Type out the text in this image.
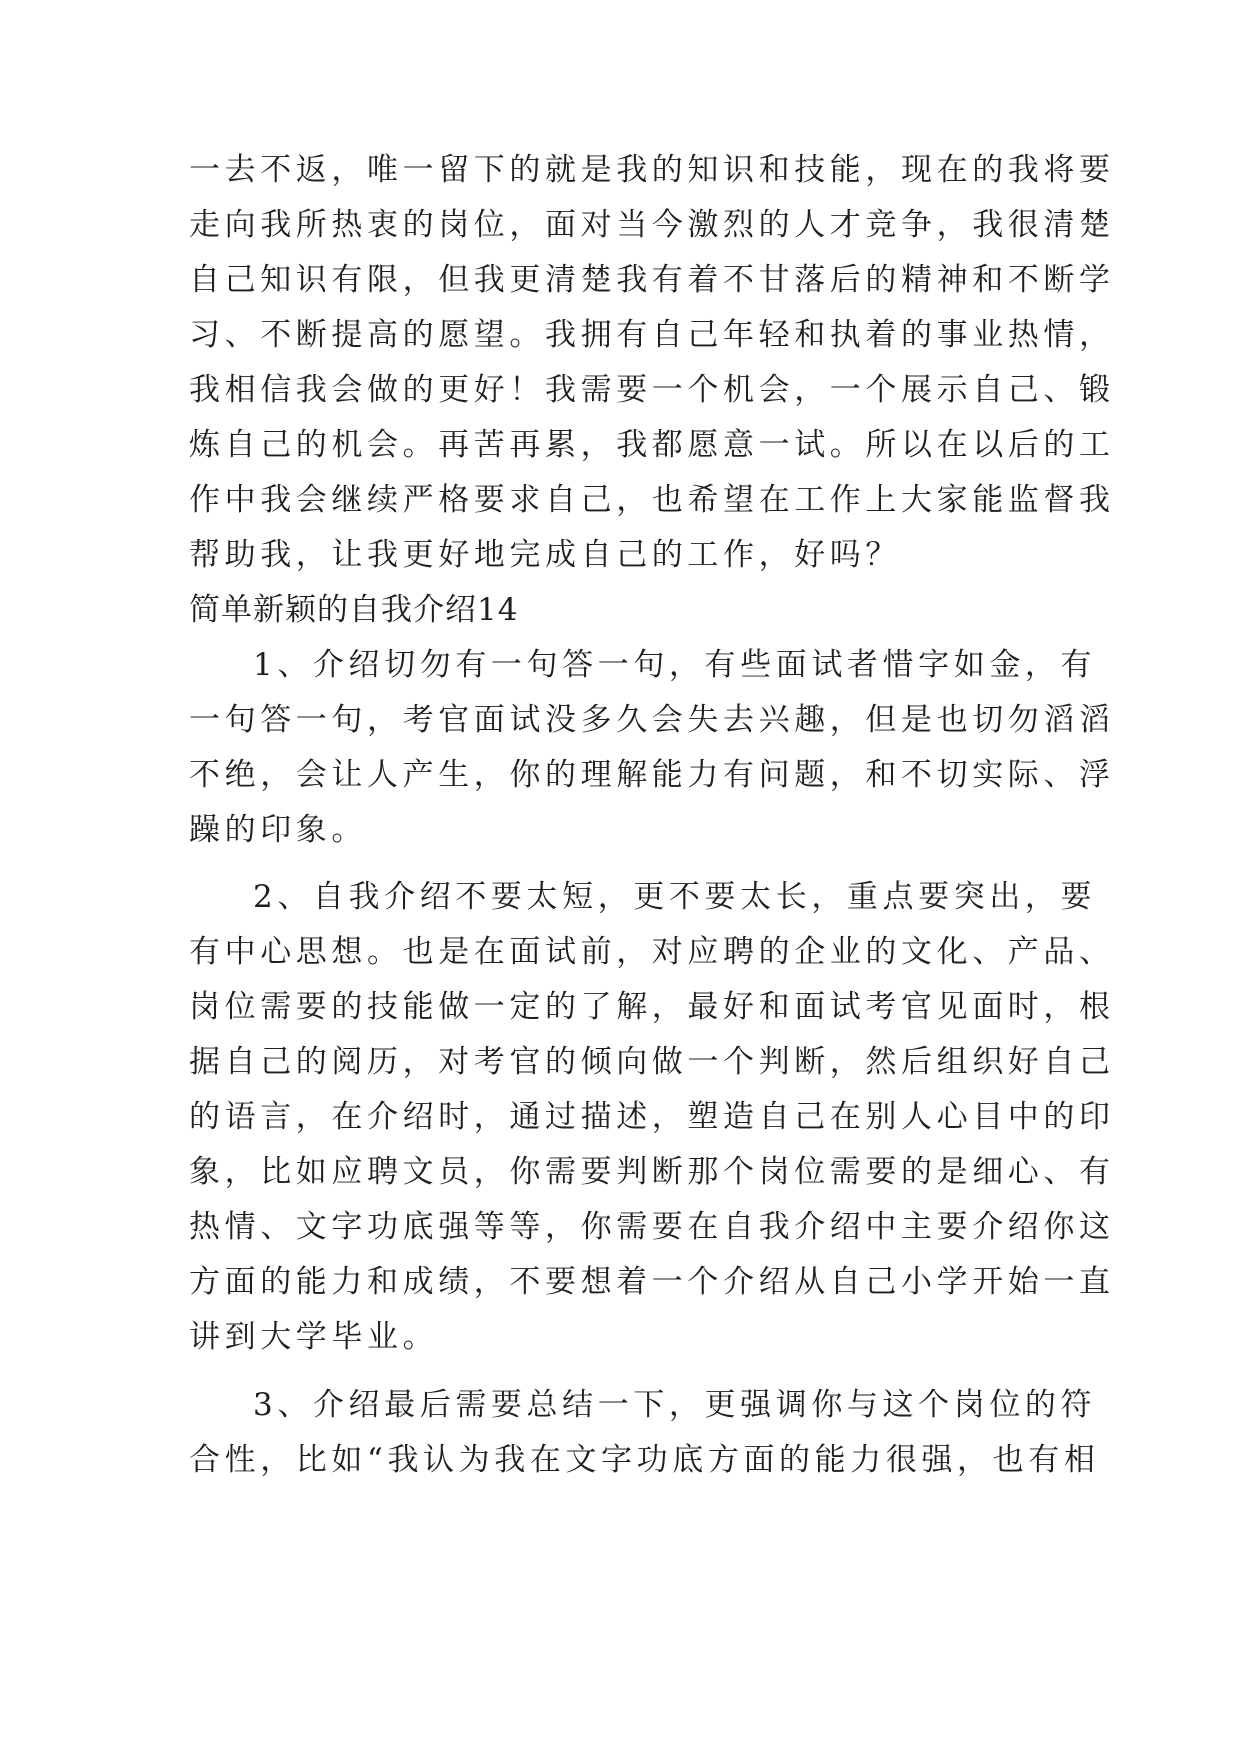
一去不返，唯一留下的就是我的知识和技能，现在的我将要
走向我所热衷的岗位，面对当今激烈的人才竞争，我很清楚
自己知识有限，但我更清楚我有着不甘落后的精神和不断学
习、不断提高的愿望。我拥有自己年轻和执着的事业热情，
我相信我会做的更好！我需要一个机会，一个展示自己、锻
炼自己的机会。再苦再累，我都愿意一试。所以在以后的工
作中我会继续严格要求自己，也希望在工作上大家能监督我
帮助我，让我更好地完成自己的工作，好吗？
简单新颖的自我介绍14
1、介绍切勿有一句答一句，有些面试者惜字如金，有
一句答一句，考官面试没多久会失去兴趣，但是也切勿滔滔
不绝，会让人产生，你的理解能力有问题，和不切实际、浮
躁的印象。
2、自我介绍不要太短，更不要太长，重点要突出，要
有中心思想。也是在面试前，对应聘的企业的文化、产品、
岗位需要的技能做一定的了解，最好和面试考官见面时，根
据自己的阅历，对考官的倾向做一个判断，然后组织好自己
的语言，在介绍时，通过描述，塑造自己在别人心目中的印
象，比如应聘文员，你需要判断那个岗位需要的是细心、有
热情、文字功底强等等，你需要在自我介绍中主要介绍你这
方面的能力和成绩，不要想着一个介绍从自己小学开始一直
讲到大学毕业。
3、介绍最后需要总结一下，更强调你与这个岗位的符
合性，比如“我认为我在文字功底方面的能力很强，也有相
